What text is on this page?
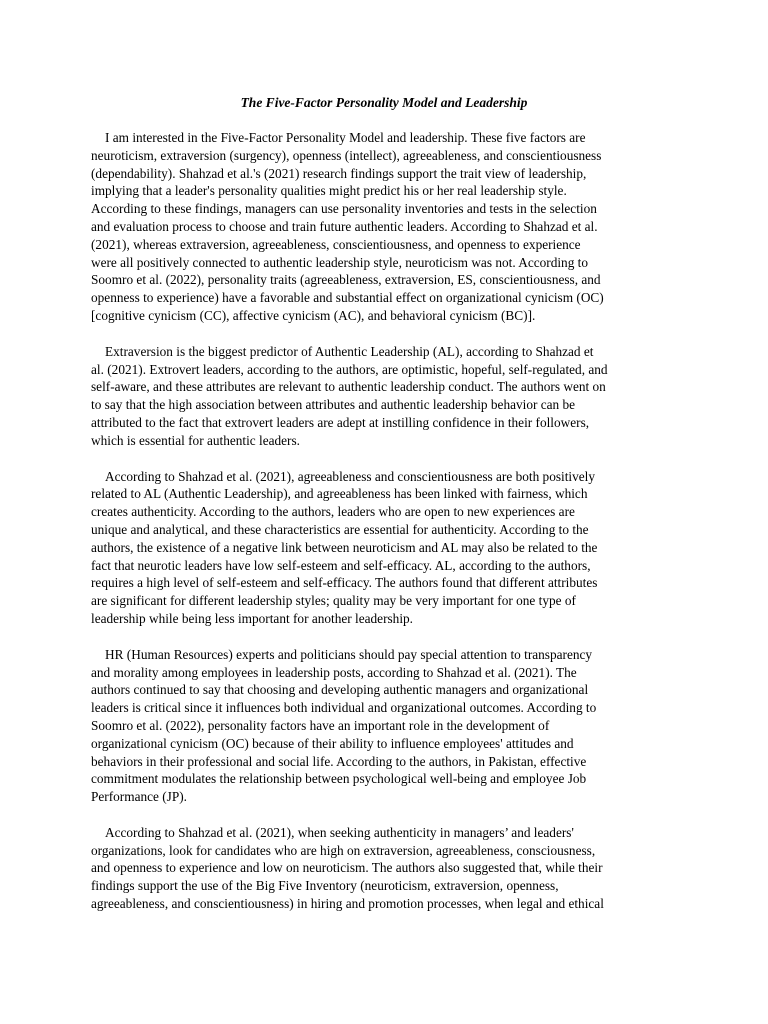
The Five-Factor Personality Model and Leadership

I am interested in the Five-Factor Personality Model and leadership. These five factors are
neuroticism, extraversion (surgency), openness (intellect), agreeableness, and conscientiousness
(dependability). Shahzad et al.'s (2021) research findings support the trait view of leadership,
implying that a leader's personality qualities might predict his or her real leadership style.
According to these findings, managers can use personality inventories and tests in the selection
and evaluation process to choose and train future authentic leaders. According to Shahzad et al.
(2021), whereas extraversion, agreeableness, conscientiousness, and openness to experience
were all positively connected to authentic leadership style, neuroticism was not. According to
Soomro et al. (2022), personality traits (agreeableness, extraversion, ES, conscientiousness, and
openness to experience) have a favorable and substantial effect on organizational cynicism (OC)
[cognitive cynicism (CC), affective cynicism (AC), and behavioral cynicism (BC)].

Extraversion is the biggest predictor of Authentic Leadership (AL), according to Shahzad et
al. (2021). Extrovert leaders, according to the authors, are optimistic, hopeful, self-regulated, and
self-aware, and these attributes are relevant to authentic leadership conduct. The authors went on
to say that the high association between attributes and authentic leadership behavior can be
attributed to the fact that extrovert leaders are adept at instilling confidence in their followers,
which is essential for authentic leaders.

According to Shahzad et al. (2021), agreeableness and conscientiousness are both positively
related to AL (Authentic Leadership), and agreeableness has been linked with fairness, which
creates authenticity. According to the authors, leaders who are open to new experiences are
unique and analytical, and these characteristics are essential for authenticity. According to the
authors, the existence of a negative link between neuroticism and AL may also be related to the
fact that neurotic leaders have low self-esteem and self-efficacy. AL, according to the authors,
requires a high level of self-esteem and self-efficacy. The authors found that different attributes
are significant for different leadership styles; quality may be very important for one type of
leadership while being less important for another leadership.

HR (Human Resources) experts and politicians should pay special attention to transparency
and morality among employees in leadership posts, according to Shahzad et al. (2021). The
authors continued to say that choosing and developing authentic managers and organizational
leaders is critical since it influences both individual and organizational outcomes. According to
Soomro et al. (2022), personality factors have an important role in the development of
organizational cynicism (OC) because of their ability to influence employees' attitudes and
behaviors in their professional and social life. According to the authors, in Pakistan, effective
commitment modulates the relationship between psychological well-being and employee Job
Performance (JP).

According to Shahzad et al. (2021), when seeking authenticity in managers’ and leaders'
organizations, look for candidates who are high on extraversion, agreeableness, consciousness,
and openness to experience and low on neuroticism. The authors also suggested that, while their
findings support the use of the Big Five Inventory (neuroticism, extraversion, openness,
agreeableness, and conscientiousness) in hiring and promotion processes, when legal and ethical
